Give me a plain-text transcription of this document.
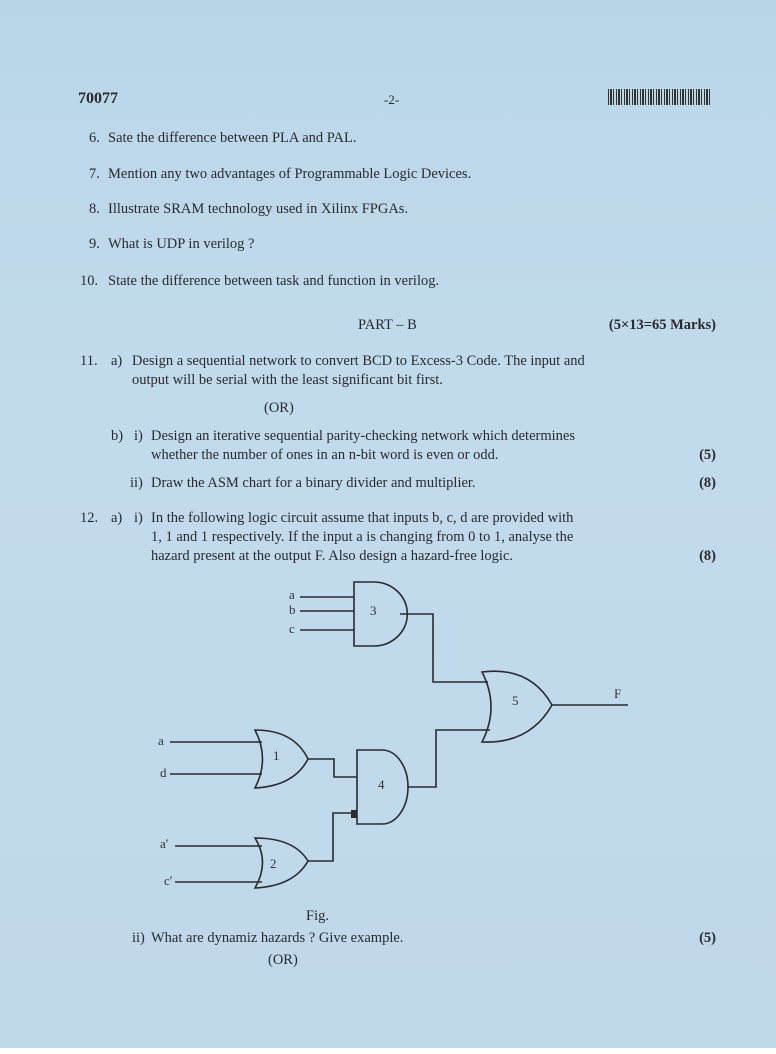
70077	-2-
6. Sate the difference between PLA and PAL.
7. Mention any two advantages of Programmable Logic Devices.
8. Illustrate SRAM technology used in Xilinx FPGAs.
9. What is UDP in verilog ?
10. State the difference between task and function in verilog.
PART – B	(5×13=65 Marks)
11. a) Design a sequential network to convert BCD to Excess-3 Code. The input and
output will be serial with the least significant bit first.
(OR)
b) i) Design an iterative sequential parity-checking network which determines
whether the number of ones in an n-bit word is even or odd.	(5)
ii) Draw the ASM chart for a binary divider and multiplier.	(8)
12. a) i) In the following logic circuit assume that inputs b, c, d are provided with
1, 1 and 1 respectively. If the input a is changing from 0 to 1, analyse the
hazard present at the output F. Also design a hazard-free logic.	(8)
a
b
c
3
5	F
a
d
1
4
a′
c′
2
Fig.
ii) What are dynamiz hazards ? Give example.	(5)
(OR)
